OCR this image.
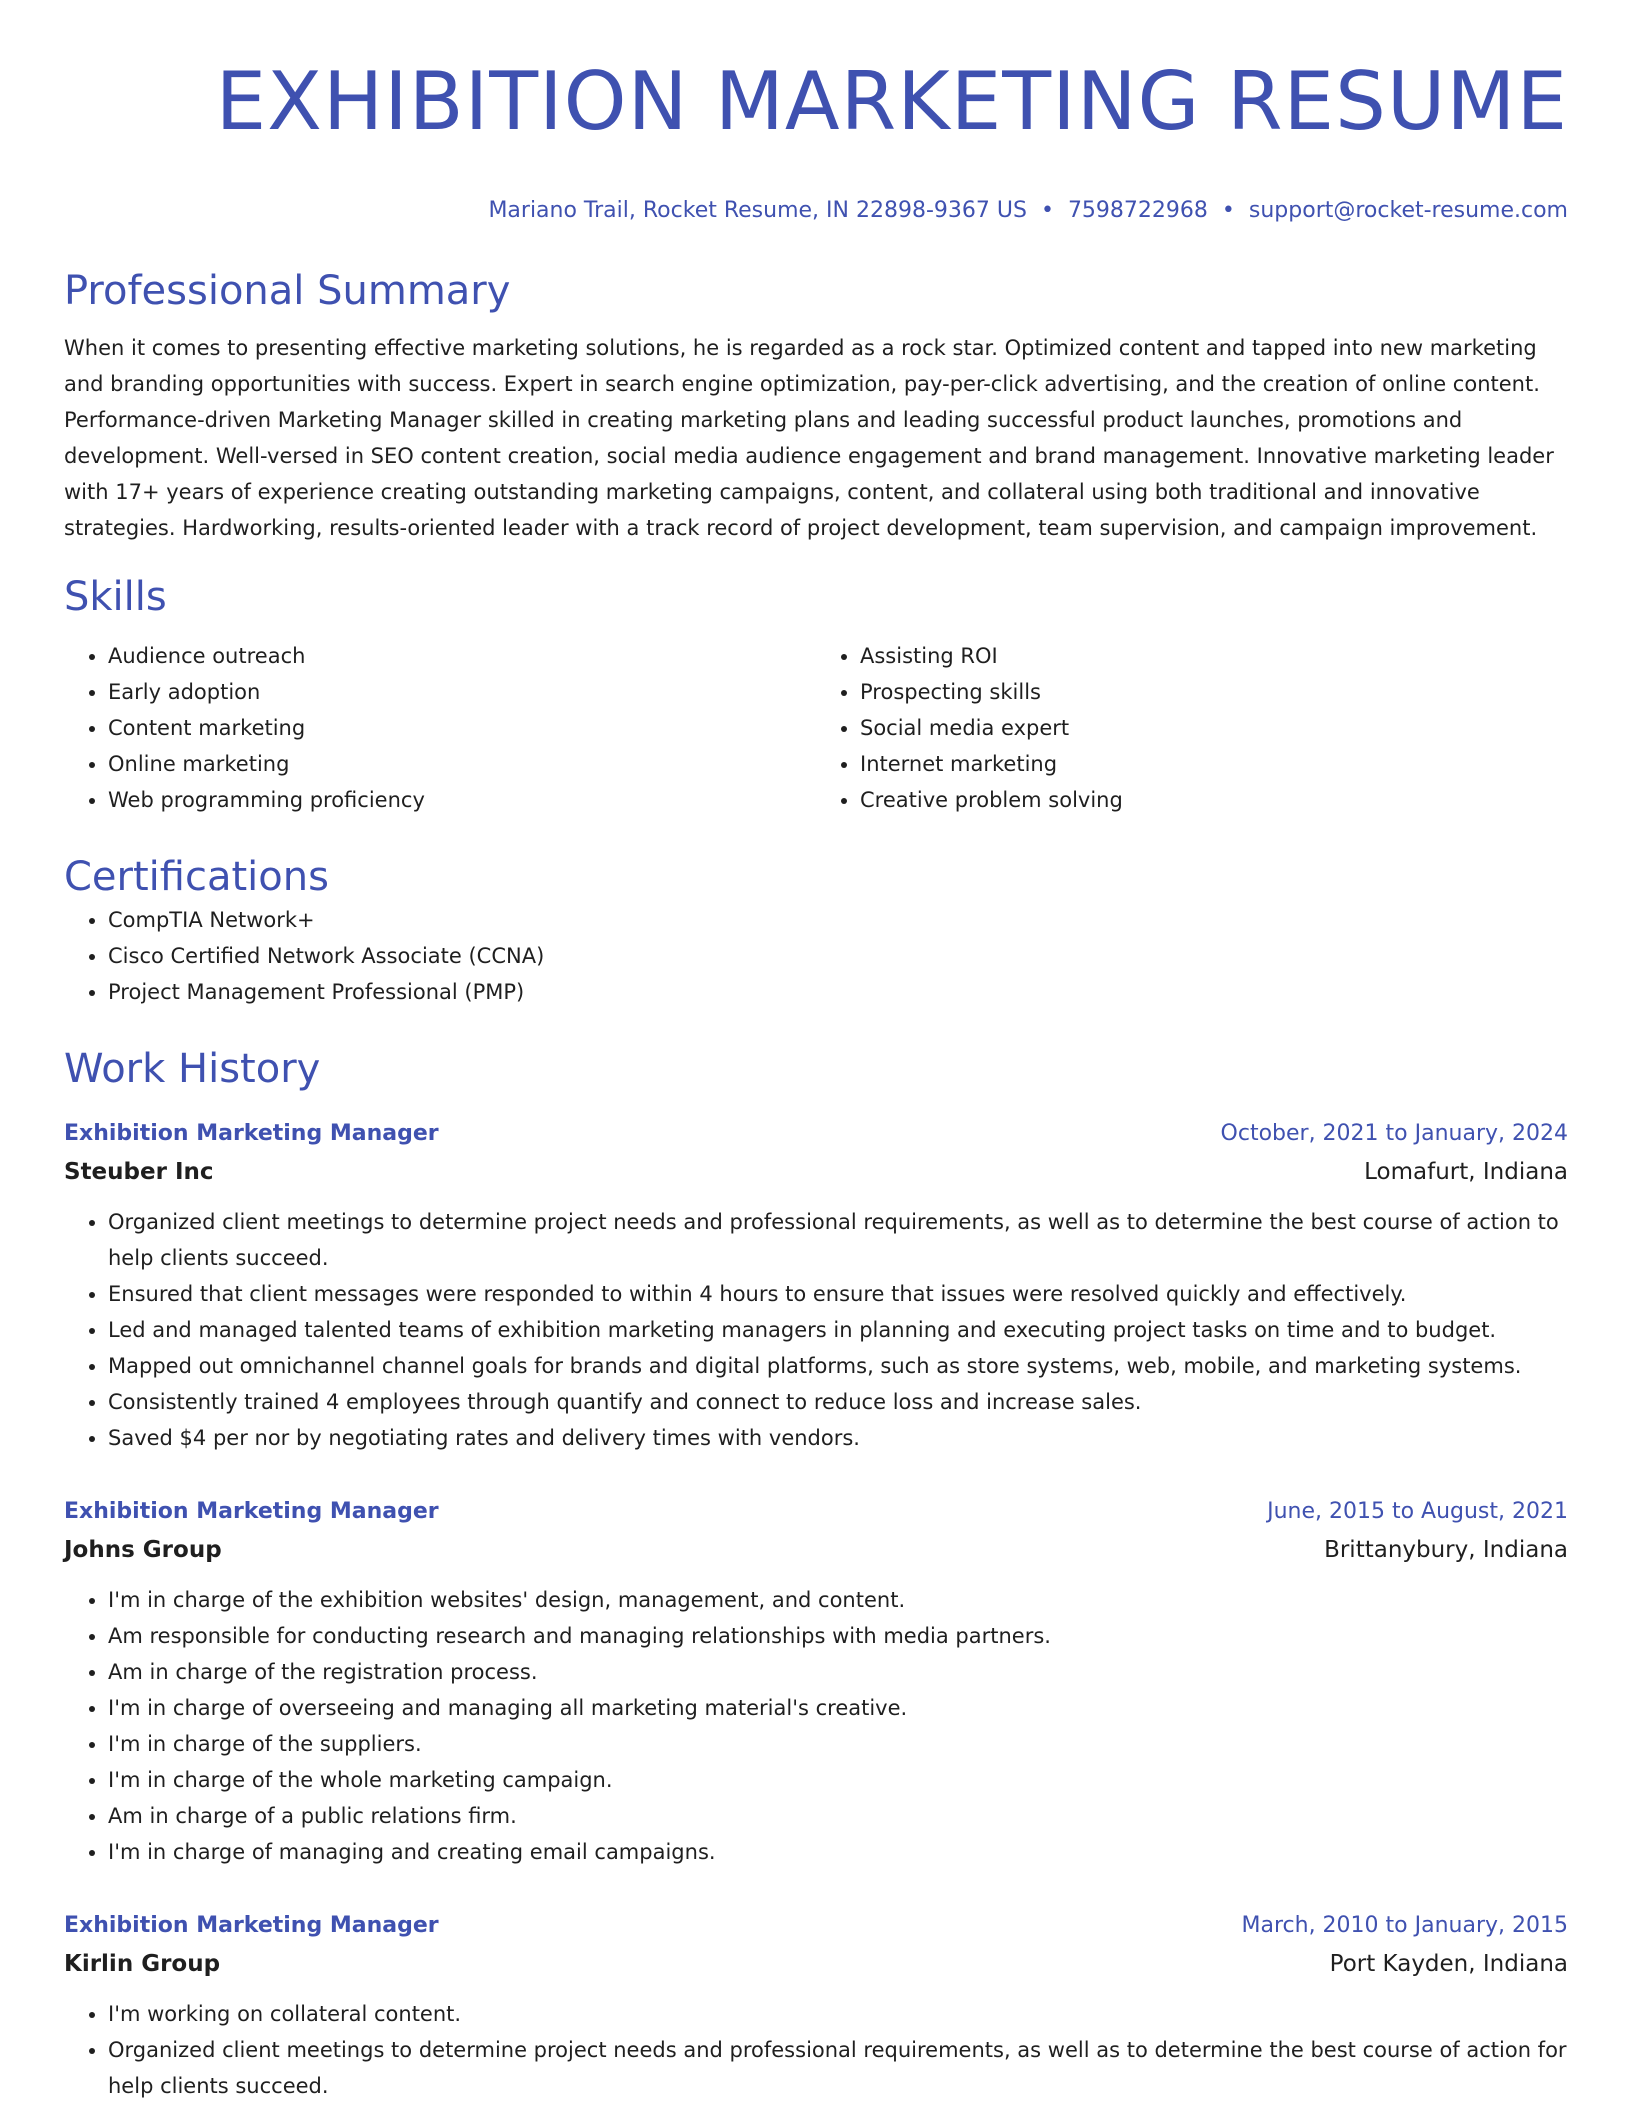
EXHIBITION MARKETING RESUME
Mariano Trail, Rocket Resume, IN 22898-9367 US • 7598722968 • support@rocket-resume.com
Professional Summary
When it comes to presenting effective marketing solutions, he is regarded as a rock star. Optimized content and tapped into new marketing and branding opportunities with success. Expert in search engine optimization, pay-per-click advertising, and the creation of online content. Performance-driven Marketing Manager skilled in creating marketing plans and leading successful product launches, promotions and development. Well-versed in SEO content creation, social media audience engagement and brand management. Innovative marketing leader with 17+ years of experience creating outstanding marketing campaigns, content, and collateral using both traditional and innovative strategies. Hardworking, results-oriented leader with a track record of project development, team supervision, and campaign improvement.
Skills
• Audience outreach
• Early adoption
• Content marketing
• Online marketing
• Web programming proficiency
• Assisting ROI
• Prospecting skills
• Social media expert
• Internet marketing
• Creative problem solving
Certifications
• CompTIA Network+
• Cisco Certified Network Associate (CCNA)
• Project Management Professional (PMP)
Work History
Exhibition Marketing Manager	October, 2021 to January, 2024
Steuber Inc	Lomafurt, Indiana
• Organized client meetings to determine project needs and professional requirements, as well as to determine the best course of action to help clients succeed.
• Ensured that client messages were responded to within 4 hours to ensure that issues were resolved quickly and effectively.
• Led and managed talented teams of exhibition marketing managers in planning and executing project tasks on time and to budget.
• Mapped out omnichannel channel goals for brands and digital platforms, such as store systems, web, mobile, and marketing systems.
• Consistently trained 4 employees through quantify and connect to reduce loss and increase sales.
• Saved $4 per nor by negotiating rates and delivery times with vendors.
Exhibition Marketing Manager	June, 2015 to August, 2021
Johns Group	Brittanybury, Indiana
• I'm in charge of the exhibition websites' design, management, and content.
• Am responsible for conducting research and managing relationships with media partners.
• Am in charge of the registration process.
• I'm in charge of overseeing and managing all marketing material's creative.
• I'm in charge of the suppliers.
• I'm in charge of the whole marketing campaign.
• Am in charge of a public relations firm.
• I'm in charge of managing and creating email campaigns.
Exhibition Marketing Manager	March, 2010 to January, 2015
Kirlin Group	Port Kayden, Indiana
• I'm working on collateral content.
• Organized client meetings to determine project needs and professional requirements, as well as to determine the best course of action for help clients succeed.
